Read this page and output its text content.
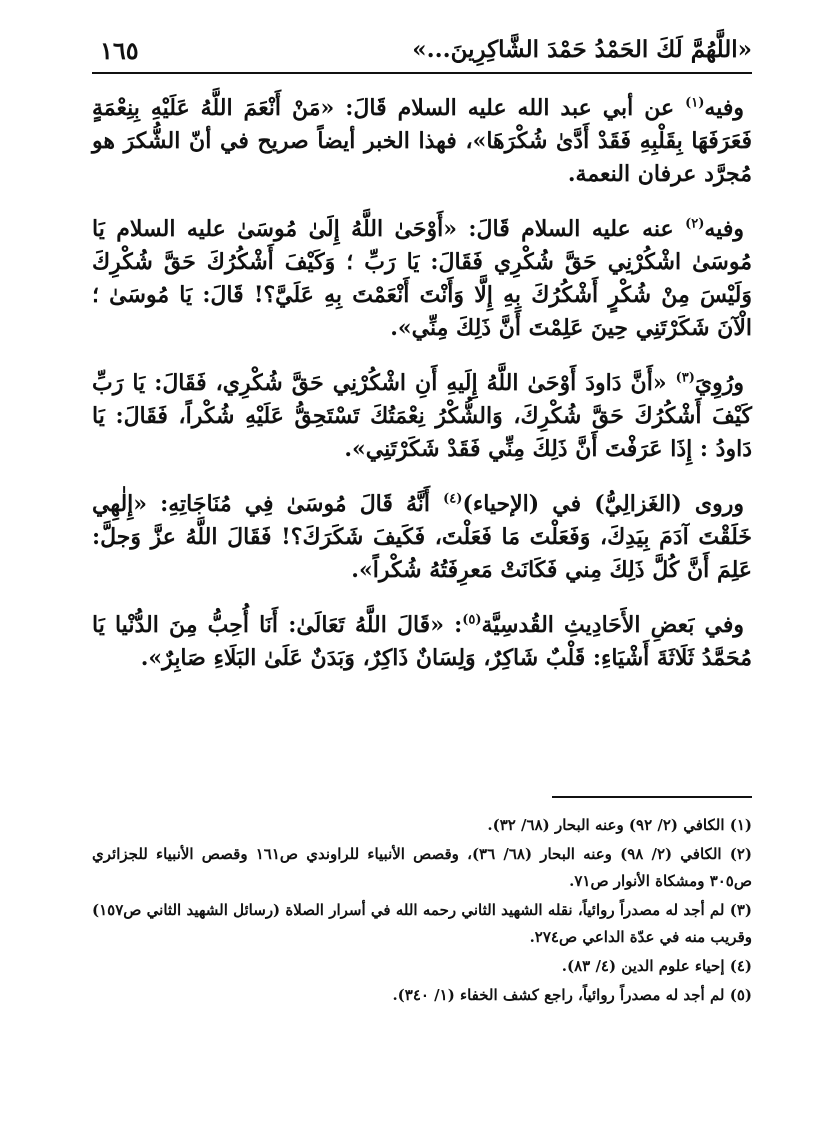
«اللَّهُمَّ لَكَ الحَمْدُ حَمْدَ الشَّاكِرِينَ...»
١٦٥

وفيه$^{(١)}$ عن أبي عبد الله عليه السلام قَالَ: «مَنْ أَنْعَمَ اللَّهُ عَلَيْهِ بِنِعْمَةٍ فَعَرَفَهَا بِقَلْبِهِ فَقَدْ أَدَّىٰ شُكْرَهَا»، فهذا الخبر أيضاً صريح في أنّ الشُّكرَ هو مُجرَّد عرفان النعمة.

وفيه$^{(٢)}$ عنه عليه السلام قَالَ: «أَوْحَىٰ اللَّهُ إِلَىٰ مُوسَىٰ عليه السلام يَا مُوسَىٰ اشْكُرْنِي حَقَّ شُكْرِي فَقَالَ: يَا رَبِّ ؛ وَكَيْفَ أَشْكُرُكَ حَقَّ شُكْرِكَ وَلَيْسَ مِنْ شُكْرٍ أَشْكُرُكَ بِهِ إِلَّا وَأَنْتَ أَنْعَمْتَ بِهِ عَلَيَّ؟! قَالَ: يَا مُوسَىٰ ؛ الْآنَ شَكَرْتَنِي حِينَ عَلِمْتَ أَنَّ ذَلِكَ مِنِّي».

ورُوِيَ$^{(٣)}$ «أَنَّ دَاودَ أَوْحَىٰ اللَّهُ إِلَيهِ أَنِ اشْكُرْنِي حَقَّ شُكْرِي، فَقَالَ: يَا رَبِّ كَيْفَ أَشْكُرُكَ حَقَّ شُكْرِكَ، وَالشُّكْرُ نِعْمَتُكَ تَسْتَحِقُّ عَلَيْهِ شُكْراً، فَقَالَ: يَا دَاودُ : إِذَا عَرَفْتَ أَنَّ ذَلِكَ مِنِّي فَقَدْ شَكَرْتَنِي».

وروى (الغَزالِيُّ) في (الإحياء)$^{(٤)}$ أَنَّهُ قَالَ مُوسَىٰ فِي مُنَاجَاتِهِ: «إِلٰهِي خَلَقْتَ آدَمَ بِيَدِكَ، وَفَعَلْتَ مَا فَعَلْتَ، فَكَيفَ شَكَرَكَ؟! فَقَالَ اللَّهُ عزَّ وَجلَّ: عَلِمَ أَنَّ كُلَّ ذَلِكَ مِني فَكَانَتْ مَعرِفَتُهُ شُكْراً».

وفي بَعضِ الأَحَادِيثِ القُدسِيَّة$^{(٥)}$: «قَالَ اللَّهُ تَعَالَىٰ: أَنَا أُحِبُّ مِنَ الدُّنْيا يَا مُحَمَّدُ ثَلَاثَةَ أَشْيَاءِ: قَلْبٌ شَاكِرٌ، وَلِسَانٌ ذَاكِرٌ، وَبَدَنٌ عَلَىٰ البَلَاءِ صَابِرٌ».

(١) الكافي (٢/ ٩٢) وعنه البحار (٦٨/ ٣٢).

(٢) الكافي (٢/ ٩٨) وعنه البحار (٦٨/ ٣٦)، وقصص الأنبياء للراوندي ص١٦١ وقصص الأنبياء للجزائري ص٣٠٥ ومشكاة الأنوار ص٧١.

(٣) لم أجد له مصدراً روائياً، نقله الشهيد الثاني رحمه الله في أسرار الصلاة (رسائل الشهيد الثاني ص١٥٧) وقريب منه في عدّة الداعي ص٢٧٤.

(٤) إحياء علوم الدين (٤/ ٨٣).

(٥) لم أجد له مصدراً روائياً، راجع كشف الخفاء (١/ ٣٤٠).
